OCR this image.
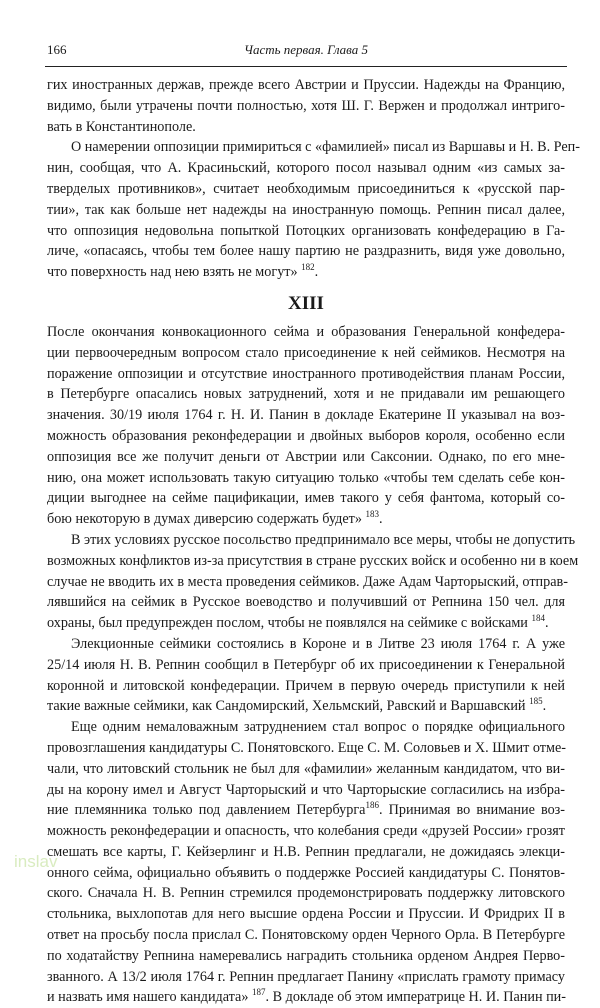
166	Часть первая. Глава 5
гих иностранных держав, прежде всего Австрии и Пруссии. Надежды на Францию,
видимо, были утрачены почти полностью, хотя Ш. Г. Вержен и продолжал интриго-
вать в Константинополе.
О намерении оппозиции примириться с «фамилией» писал из Варшавы и Н. В. Реп-
нин, сообщая, что А. Красиньский, которого посол называл одним «из самых за-
тверделых противников», считает необходимым присоединиться к «русской пар-
тии», так как больше нет надежды на иностранную помощь. Репнин писал далее,
что оппозиция недовольна попыткой Потоцких организовать конфедерацию в Га-
личе, «опасаясь, чтобы тем более нашу партию не раздразнить, видя уже довольно,
что поверхность над нею взять не могут» $^{182}$.
XIII
После окончания конвокационного сейма и образования Генеральной конфедера-
ции первоочередным вопросом стало присоединение к ней сеймиков. Несмотря на
поражение оппозиции и отсутствие иностранного противодействия планам России,
в Петербурге опасались новых затруднений, хотя и не придавали им решающего
значения. 30/19 июля 1764 г. Н. И. Панин в докладе Екатерине II указывал на воз-
можность образования реконфедерации и двойных выборов короля, особенно если
оппозиция все же получит деньги от Австрии или Саксонии. Однако, по его мне-
нию, она может использовать такую ситуацию только «чтобы тем сделать себе кон-
диции выгоднее на сейме пацификации, имев такого у себя фантома, который со-
бою некоторую в думах диверсию содержать будет» $^{183}$.
В этих условиях русское посольство предпринимало все меры, чтобы не допустить
возможных конфликтов из-за присутствия в стране русских войск и особенно ни в коем
случае не вводить их в места проведения сеймиков. Даже Адам Чарторыский, отправ-
лявшийся на сеймик в Русское воеводство и получивший от Репнина 150 чел. для
охраны, был предупрежден послом, чтобы не появлялся на сеймике с войсками $^{184}$.
Элекционные сеймики состоялись в Короне и в Литве 23 июля 1764 г. А уже
25/14 июля Н. В. Репнин сообщил в Петербург об их присоединении к Генеральной
коронной и литовской конфедерации. Причем в первую очередь приступили к ней
такие важные сеймики, как Сандомирский, Хельмский, Равский и Варшавский $^{185}$.
Еще одним немаловажным затруднением стал вопрос о порядке официального
провозглашения кандидатуры С. Понятовского. Еще С. М. Соловьев и Х. Шмит отме-
чали, что литовский стольник не был для «фамилии» желанным кандидатом, что ви-
ды на корону имел и Август Чарторыский и что Чарторыские согласились на избра-
ние племянника только под давлением Петербурга$^{186}$. Принимая во внимание воз-
можность реконфедерации и опасность, что колебания среди «друзей России» грозят
смешать все карты, Г. Кейзерлинг и Н.В. Репнин предлагали, не дожидаясь элекци-
онного сейма, официально объявить о поддержке Россией кандидатуры С. Понятов-
ского. Сначала Н. В. Репнин стремился продемонстрировать поддержку литовского
стольника, выхлопотав для него высшие ордена России и Пруссии. И Фридрих II в
ответ на просьбу посла прислал С. Понятовскому орден Черного Орла. В Петербурге
по ходатайству Репнина намеревались наградить стольника орденом Андрея Перво-
званного. А 13/2 июля 1764 г. Репнин предлагает Панину «прислать грамоту примасу
и назвать имя нашего кандидата» $^{187}$. В докладе об этом императрице Н. И. Панин пи-
inslav
